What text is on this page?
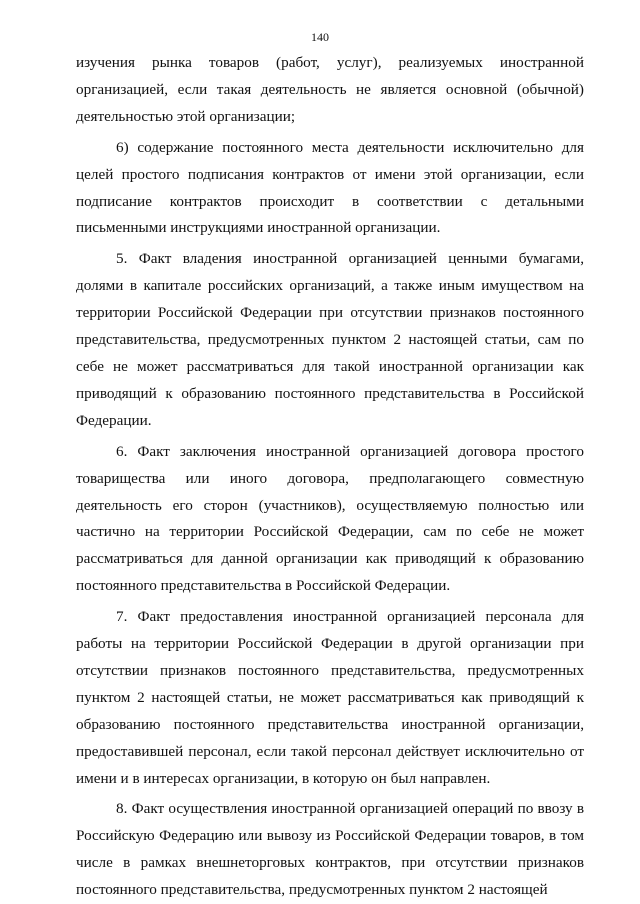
140

изучения рынка товаров (работ, услуг), реализуемых иностранной организацией, если такая деятельность не является основной (обычной) деятельностью этой организации;

6) содержание постоянного места деятельности исключительно для целей простого подписания контрактов от имени этой организации, если подписание контрактов происходит в соответствии с детальными письменными инструкциями иностранной организации.

5. Факт владения иностранной организацией ценными бумагами, долями в капитале российских организаций, а также иным имуществом на территории Российской Федерации при отсутствии признаков постоянного представительства, предусмотренных пунктом 2 настоящей статьи, сам по себе не может рассматриваться для такой иностранной организации как приводящий к образованию постоянного представительства в Российской Федерации.

6. Факт заключения иностранной организацией договора простого товарищества или иного договора, предполагающего совместную деятельность его сторон (участников), осуществляемую полностью или частично на территории Российской Федерации, сам по себе не может рассматриваться для данной организации как приводящий к образованию постоянного представительства в Российской Федерации.

7. Факт предоставления иностранной организацией персонала для работы на территории Российской Федерации в другой организации при отсутствии признаков постоянного представительства, предусмотренных пунктом 2 настоящей статьи, не может рассматриваться как приводящий к образованию постоянного представительства иностранной организации, предоставившей персонал, если такой персонал действует исключительно от имени и в интересах организации, в которую он был направлен.

8. Факт осуществления иностранной организацией операций по ввозу в Российскую Федерацию или вывозу из Российской Федерации товаров, в том числе в рамках внешнеторговых контрактов, при отсутствии признаков постоянного представительства, предусмотренных пунктом 2 настоящей
